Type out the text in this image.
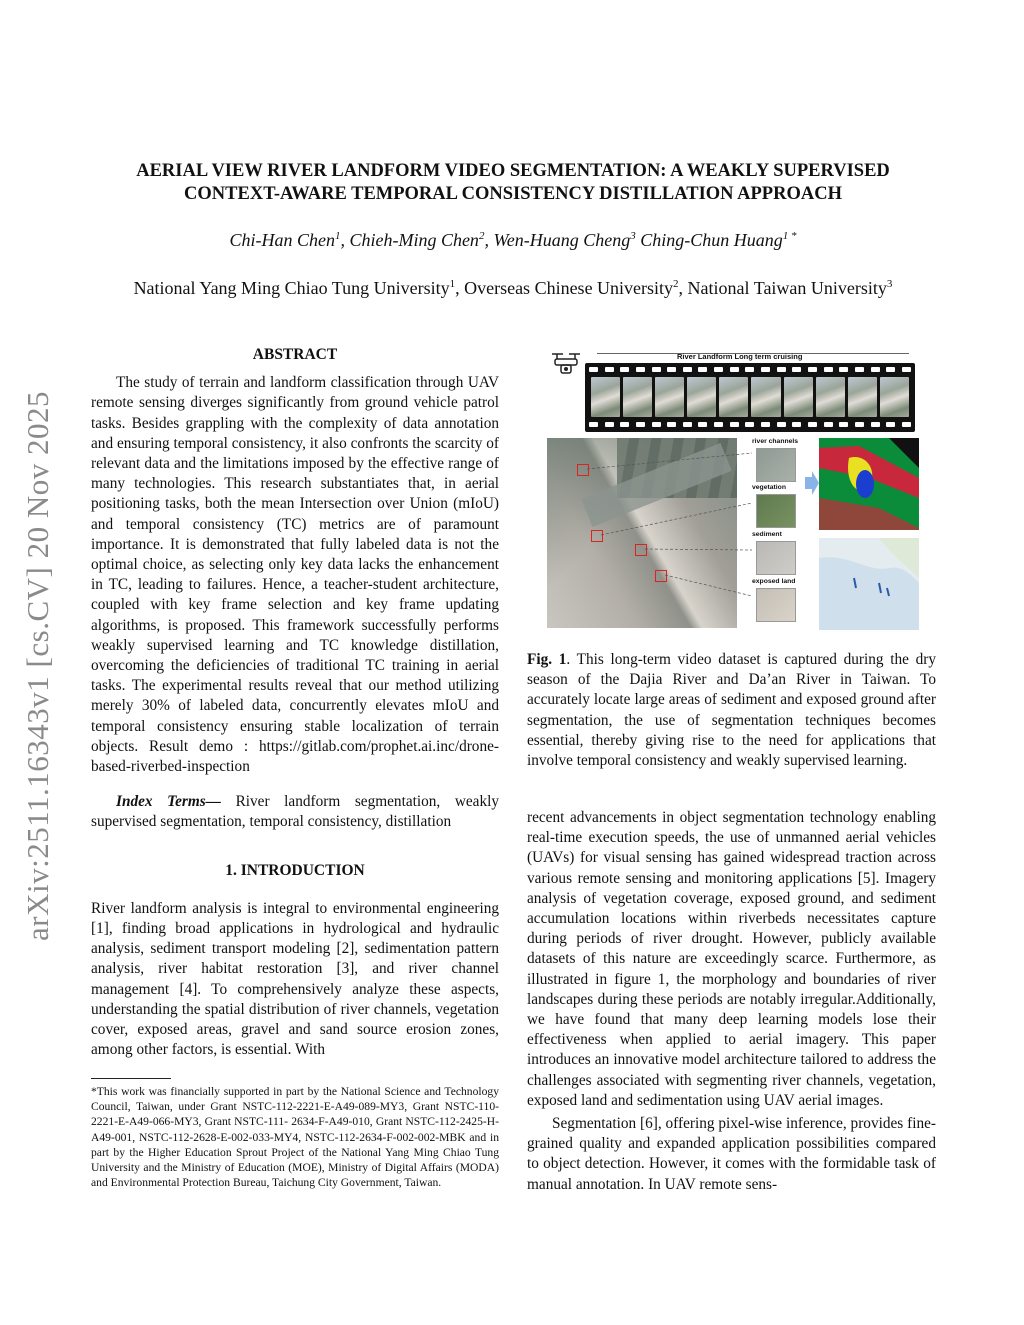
arXiv:2511.16343v1 [cs.CV] 20 Nov 2025
AERIAL VIEW RIVER LANDFORM VIDEO SEGMENTATION: A WEAKLY SUPERVISED
CONTEXT-AWARE TEMPORAL CONSISTENCY DISTILLATION APPROACH
Chi-Han Chen$^1$, Chieh-Ming Chen$^2$, Wen-Huang Cheng$^3$ Ching-Chun Huang$^{1 *}$
National Yang Ming Chiao Tung University$^1$, Overseas Chinese University$^2$, National Taiwan University$^3$

ABSTRACT

The study of terrain and landform classification through UAV remote sensing diverges significantly from ground vehicle patrol tasks. Besides grappling with the complexity of data annotation and ensuring temporal consistency, it also confronts the scarcity of relevant data and the limitations imposed by the effective range of many technologies. This research substantiates that, in aerial positioning tasks, both the mean Intersection over Union (mIoU) and temporal consistency (TC) metrics are of paramount importance. It is demonstrated that fully labeled data is not the optimal choice, as selecting only key data lacks the enhancement in TC, leading to failures. Hence, a teacher-student architecture, coupled with key frame selection and key frame updating algorithms, is proposed. This framework successfully performs weakly supervised learning and TC knowledge distillation, overcoming the deficiencies of traditional TC training in aerial tasks. The experimental results reveal that our method utilizing merely 30% of labeled data, concurrently elevates mIoU and temporal consistency ensuring stable localization of terrain objects. Result demo : https://gitlab.com/prophet.ai.inc/drone-based-riverbed-inspection

Index Terms— River landform segmentation, weakly supervised segmentation, temporal consistency, distillation

1. INTRODUCTION

River landform analysis is integral to environmental engineering [1], finding broad applications in hydrological and hydraulic analysis, sediment transport modeling [2], sedimentation pattern analysis, river habitat restoration [3], and river channel management [4]. To comprehensively analyze these aspects, understanding the spatial distribution of river channels, vegetation cover, exposed areas, gravel and sand source erosion zones, among other factors, is essential. With

*This work was financially supported in part by the National Science and Technology Council, Taiwan, under Grant NSTC-112-2221-E-A49-089-MY3, Grant NSTC-110-2221-E-A49-066-MY3, Grant NSTC-111- 2634-F-A49-010, Grant NSTC-112-2425-H-A49-001, NSTC-112-2628-E-002-033-MY4, NSTC-112-2634-F-002-002-MBK and in part by the Higher Education Sprout Project of the National Yang Ming Chiao Tung University and the Ministry of Education (MOE), Ministry of Digital Affairs (MODA) and Environmental Protection Bureau, Taichung City Government, Taiwan.
River Landform Long term cruising
river channels
vegetation
sediment
exposed land

Fig. 1. This long-term video dataset is captured during the dry season of the Dajia River and Da’an River in Taiwan. To accurately locate large areas of sediment and exposed ground after segmentation, the use of segmentation techniques becomes essential, thereby giving rise to the need for applications that involve temporal consistency and weakly supervised learning.

recent advancements in object segmentation technology enabling real-time execution speeds, the use of unmanned aerial vehicles (UAVs) for visual sensing has gained widespread traction across various remote sensing and monitoring applications [5]. Imagery analysis of vegetation coverage, exposed ground, and sediment accumulation locations within riverbeds necessitates capture during periods of river drought. However, publicly available datasets of this nature are exceedingly scarce. Furthermore, as illustrated in figure 1, the morphology and boundaries of river landscapes during these periods are notably irregular.Additionally, we have found that many deep learning models lose their effectiveness when applied to aerial imagery. This paper introduces an innovative model architecture tailored to address the challenges associated with segmenting river channels, vegetation, exposed land and sedimentation using UAV aerial images.

Segmentation [6], offering pixel-wise inference, provides fine-grained quality and expanded application possibilities compared to object detection. However, it comes with the formidable task of manual annotation. In UAV remote sens-
